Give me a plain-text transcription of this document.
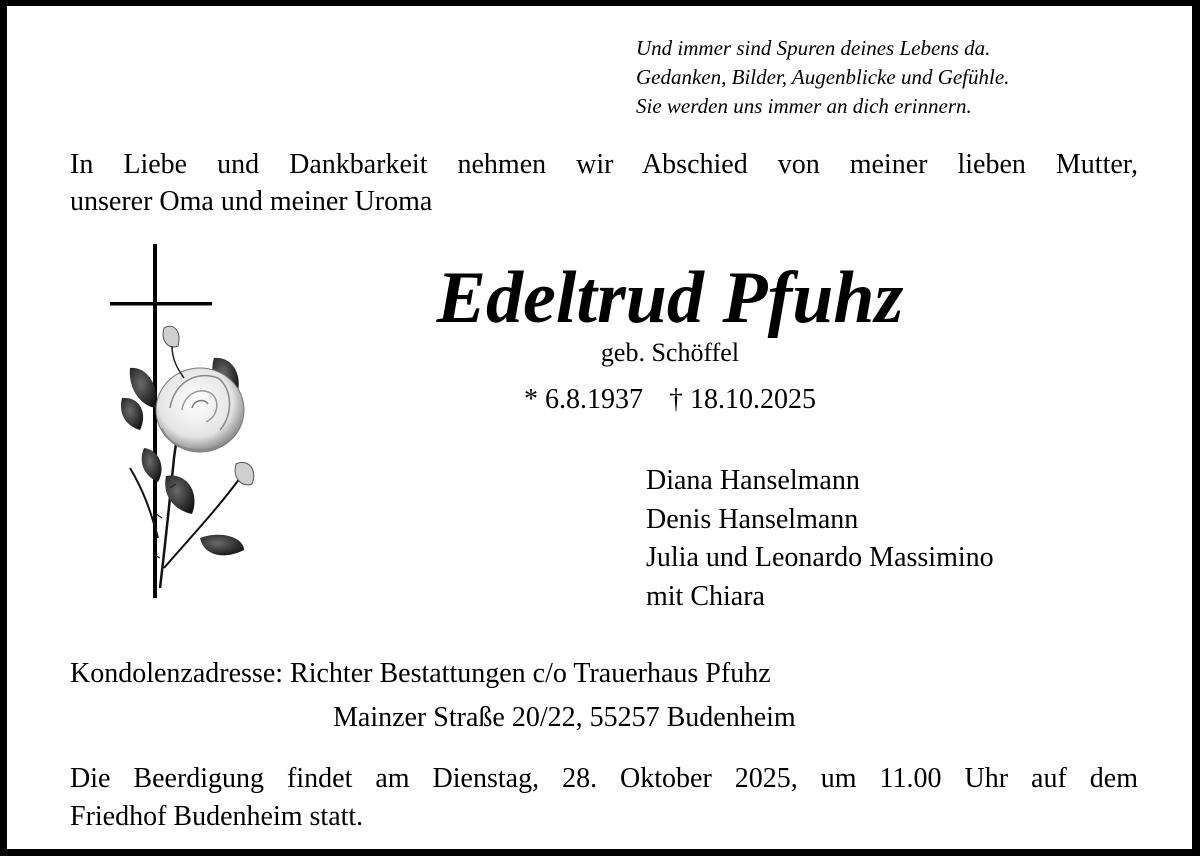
Und immer sind Spuren deines Lebens da.
Gedanken, Bilder, Augenblicke und Gefühle.
Sie werden uns immer an dich erinnern.
In Liebe und Dankbarkeit nehmen wir Abschied von meiner lieben Mutter,
unserer Oma und meiner Uroma
Edeltrud Pfuhz
geb. Schöffel
* 6.8.1937 † 18.10.2025
Diana Hanselmann
Denis Hanselmann
Julia und Leonardo Massimino
mit Chiara
Kondolenzadresse: Richter Bestattungen c/o Trauerhaus Pfuhz
Mainzer Straße 20/22, 55257 Budenheim
Die Beerdigung findet am Dienstag, 28. Oktober 2025, um 11.00 Uhr auf dem
Friedhof Budenheim statt.
